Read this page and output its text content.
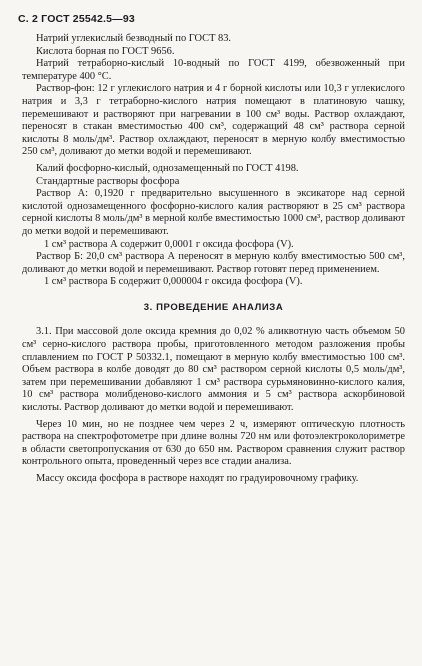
С. 2 ГОСТ 25542.5—93

Натрий углекислый безводный по ГОСТ 83.

Кислота борная по ГОСТ 9656.

Натрий тетраборно-кислый 10-водный по ГОСТ 4199, обезвоженный при температуре 400 °С.

Раствор-фон: 12 г углекислого натрия и 4 г борной кислоты или 10,3 г углекислого натрия и 3,3 г тетраборно-кислого натрия помещают в платиновую чашку, перемешивают и растворяют при нагревании в 100 см³ воды. Раствор охлаждают, переносят в стакан вместимостью 400 см³, содержащий 48 см³ раствора серной кислоты 8 моль/дм³. Раствор охлаждают, переносят в мерную колбу вместимостью 250 см³, доливают до метки водой и перемешивают.

Калий фосфорно-кислый, однозамещенный по ГОСТ 4198.

Стандартные растворы фосфора

Раствор А: 0,1920 г предварительно высушенного в эксикаторе над серной кислотой однозамещенного фосфорно-кислого калия растворяют в 25 см³ раствора серной кислоты 8 моль/дм³ в мерной колбе вместимостью 1000 см³, раствор доливают до метки водой и перемешивают.

1 см³ раствора А содержит 0,0001 г оксида фосфора (V).

Раствор Б: 20,0 см³ раствора А переносят в мерную колбу вместимостью 500 см³, доливают до метки водой и перемешивают. Раствор готовят перед применением.

1 см³ раствора Б содержит 0,000004 г оксида фосфора (V).

3. ПРОВЕДЕНИЕ АНАЛИЗА

3.1. При массовой доле оксида кремния до 0,02 % аликвотную часть объемом 50 см³ серно-кислого раствора пробы, приготовленного методом разложения пробы сплавлением по ГОСТ Р 50332.1, помещают в мерную колбу вместимостью 100 см³. Объем раствора в колбе доводят до 80 см³ раствором серной кислоты 0,5 моль/дм³, затем при перемешивании добавляют 1 см³ раствора сурьмяновинно-кислого калия, 10 см³ раствора молибденово-кислого аммония и 5 см³ раствора аскорбиновой кислоты. Раствор доливают до метки водой и перемешивают.

Через 10 мин, но не позднее чем через 2 ч, измеряют оптическую плотность раствора на спектрофотометре при длине волны 720 нм или фотоэлектроколориметре в области светопропускания от 630 до 650 нм. Раствором сравнения служит раствор контрольного опыта, проведенный через все стадии анализа.

Массу оксида фосфора в растворе находят по градуировочному графику.
